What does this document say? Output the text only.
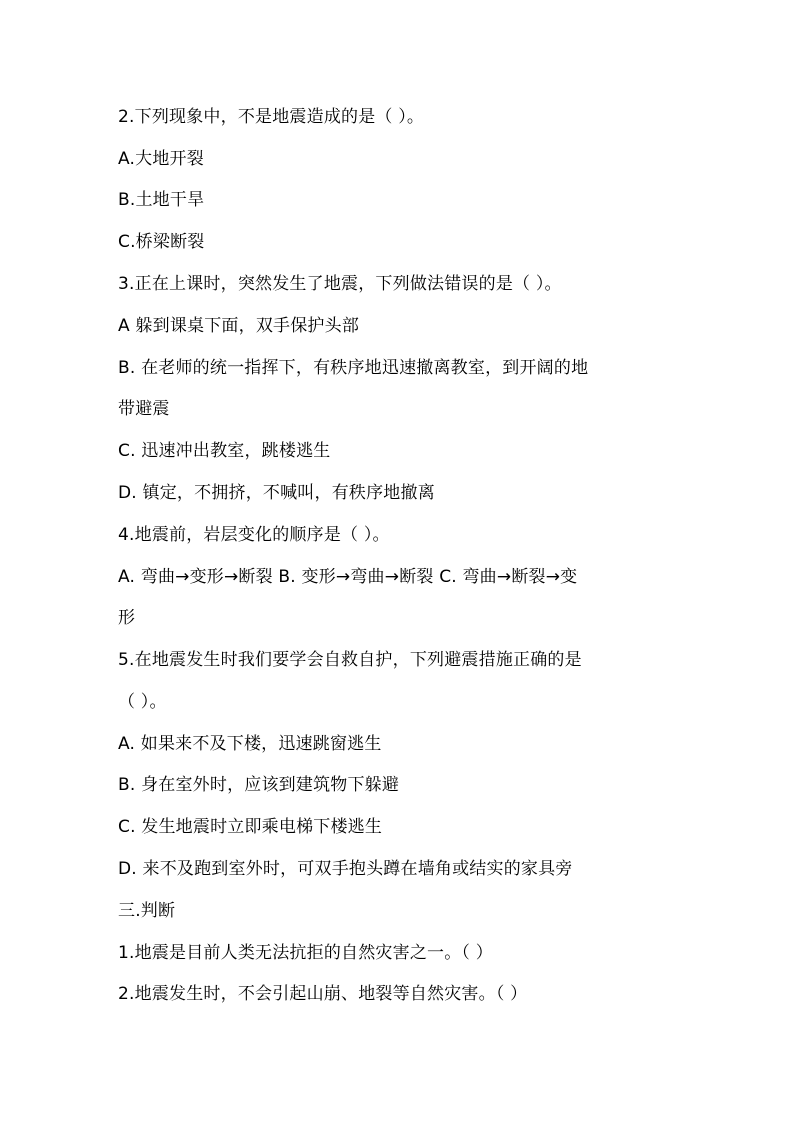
2.下列现象中，不是地震造成的是（ ）。
A.大地开裂
B.土地干旱
C.桥梁断裂
3.正在上课时，突然发生了地震，下列做法错误的是（ ）。
A 躲到课桌下面，双手保护头部
B. 在老师的统一指挥下，有秩序地迅速撤离教室，到开阔的地
带避震
C. 迅速冲出教室，跳楼逃生
D. 镇定，不拥挤，不喊叫，有秩序地撤离
4.地震前，岩层变化的顺序是（ ）。
A. 弯曲→变形→断裂 B. 变形→弯曲→断裂 C. 弯曲→断裂→变
形
5.在地震发生时我们要学会自救自护，下列避震措施正确的是
（ ）。
A. 如果来不及下楼，迅速跳窗逃生
B. 身在室外时，应该到建筑物下躲避
C. 发生地震时立即乘电梯下楼逃生
D. 来不及跑到室外时，可双手抱头蹲在墙角或结实的家具旁
三.判断
1.地震是目前人类无法抗拒的自然灾害之一。（ ）
2.地震发生时，不会引起山崩、地裂等自然灾害。（ ）
